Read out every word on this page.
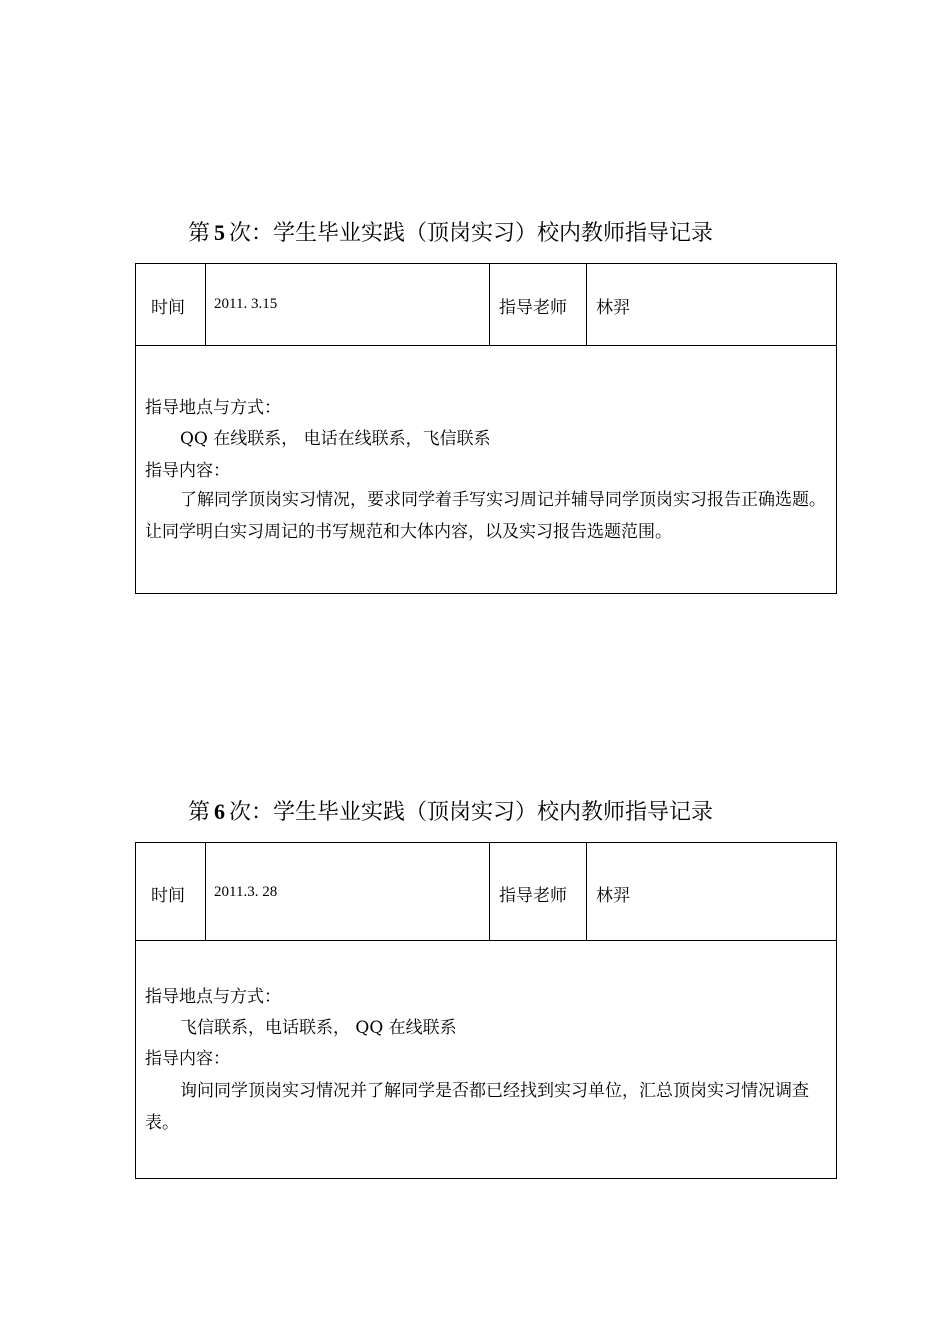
第 5 次：学生毕业实践（顶岗实习）校内教师指导记录
时间 2011. 3.15	指导老师 林羿
指导地点与方式：
QQ 在线联系， 电话在线联系，飞信联系
指导内容：
了解同学顶岗实习情况，要求同学着手写实习周记并辅导同学顶岗实习报告正确选题。让同学明白实习周记的书写规范和大体内容，以及实习报告选题范围。
第 6 次：学生毕业实践（顶岗实习）校内教师指导记录
时间 2011.3. 28	指导老师 林羿
指导地点与方式：
飞信联系，电话联系， QQ 在线联系
指导内容：
询问同学顶岗实习情况并了解同学是否都已经找到实习单位，汇总顶岗实习情况调查表。
